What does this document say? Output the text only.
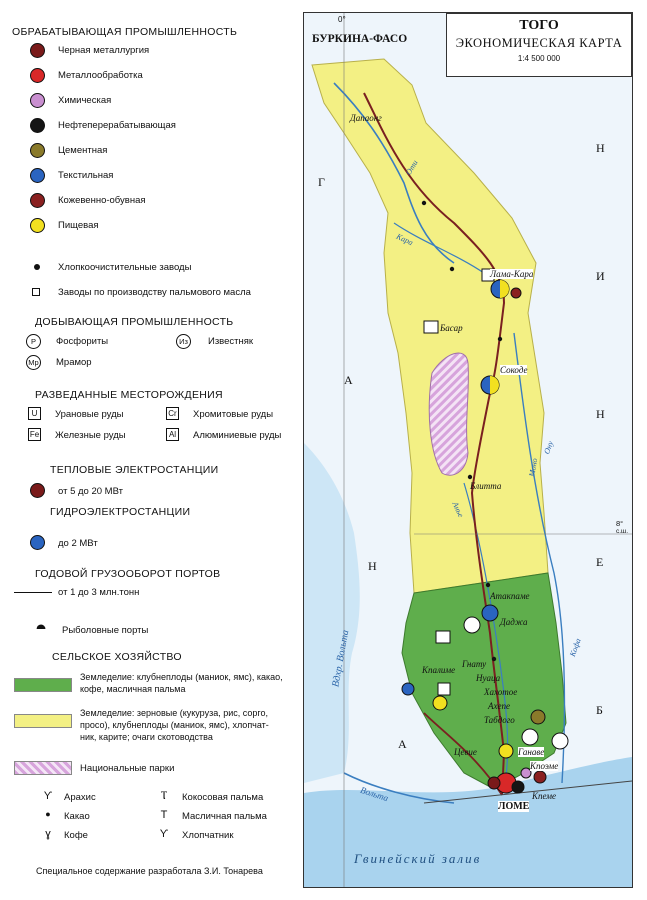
ОБРАБАТЫВАЮЩАЯ ПРОМЫШЛЕННОСТЬ
Черная металлургия
Металлообработка
Химическая
Нефтеперерабатывающая
Цементная
Текстильная
Кожевенно-обувная
Пищевая
Хлопкоочистительные заводы
Заводы по производству пальмового масла
ДОБЫВАЮЩАЯ ПРОМЫШЛЕННОСТЬ
P	Фосфориты	Из	Известняк
Мр Мрамор
РАЗВЕДАННЫЕ МЕСТОРОЖДЕНИЯ
U	Урановые руды	Cr Хромитовые руды
Fe Железные руды	Al	Алюминиевые руды
ТЕПЛОВЫЕ ЭЛЕКТРОСТАНЦИИ
от 5 до 20 МВт
ГИДРОЭЛЕКТРОСТАНЦИИ
до 2 МВт
ГОДОВОЙ ГРУЗООБОРОТ ПОРТОВ
от 1 до 3 млн.тонн
⯊	Рыболовные порты
СЕЛЬСКОЕ ХОЗЯЙСТВО
Земледелие: клубнеплоды (маниок, ямс), какао,
кофе, масличная пальма
Земледелие: зерновые (кукуруза, рис, сорго,
просо), клубнеплоды (маниок, ямс), хлопчат-
ник, карите; очаги скотоводства
Национальные парки
ϒ Арахис	Ⲧ Кокосовая пальма
●	Какао	T Масличная пальма
ɣ	Кофе	ϒ Хлопчатник
Специальное содержание разработала З.И. Тонарева
БУРКИНА-ФАСО
0°
Г
А
Н
А
Н
И
Н
Е
Б
8°
с.ш.
Дапаонг
Лама-Кара
Басар
Сокоде
Блитта
Атакпаме
Даджа
Кпалиме
Нуаца
Гнату
Хахотое
Ахепе
Табдого
Цевие	Ганаве
Кпоэме
ЛОМЕ
Кпеме
Оти
Кара
Моно
Ону
Анье
Кофа
Вольта
Вдхр. Вольта
Гвинейский залив
ТОГО
ЭКОНОМИЧЕСКАЯ КАРТА
1:4 500 000
